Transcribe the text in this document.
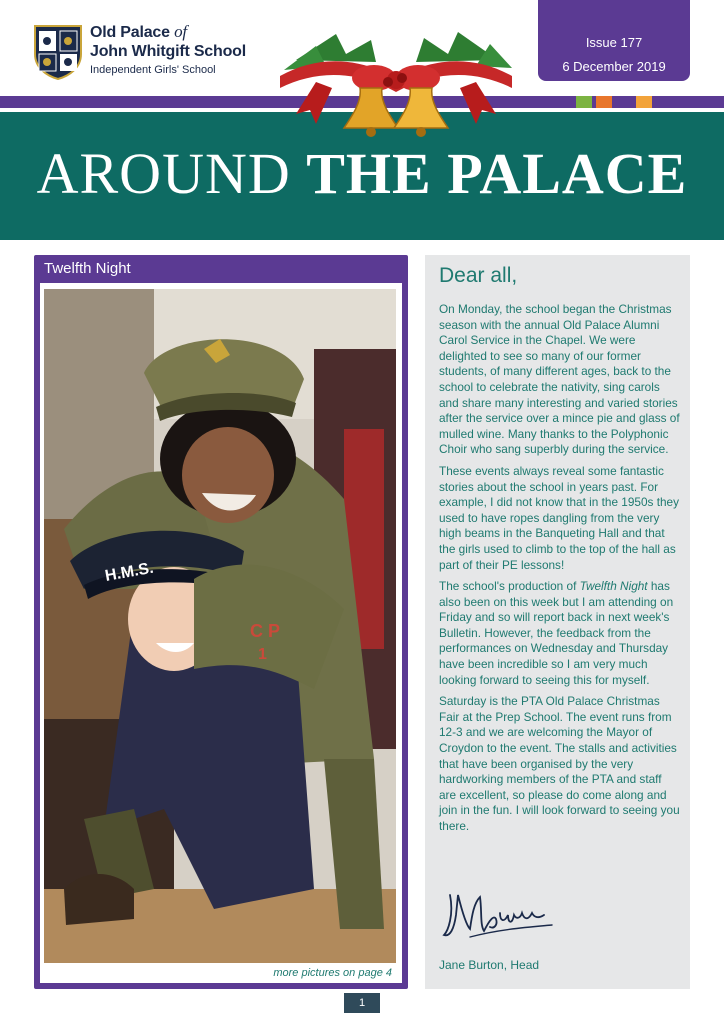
Old Palace of
John Whitgift School
Independent Girls' School
Issue 177
6 December 2019
AROUND THE PALACE
Twelfth Night
H.M.S.
C P
1
more pictures on page 4
Dear all,

On Monday, the school began the Christmas season with the annual Old Palace Alumni Carol Service in the Chapel. We were delighted to see so many of our former students, of many different ages, back to the school to celebrate the nativity, sing carols and share many interesting and varied stories after the service over a mince pie and glass of mulled wine. Many thanks to the Polyphonic Choir who sang superbly during the service.

These events always reveal some fantastic stories about the school in years past. For example, I did not know that in the 1950s they used to have ropes dangling from the very high beams in the Banqueting Hall and that the girls used to climb to the top of the hall as part of their PE lessons!

The school's production of Twelfth Night has also been on this week but I am attending on Friday and so will report back in next week's Bulletin. However, the feedback from the performances on Wednesday and Thursday have been incredible so I am very much looking forward to seeing this for myself.

Saturday is the PTA Old Palace Christmas Fair at the Prep School. The event runs from 12-3 and we are welcoming the Mayor of Croydon to the event. The stalls and activities that have been organised by the very hardworking members of the PTA and staff are excellent, so please do come along and join in the fun. I will look forward to seeing you there.

Jane Burton, Head
1
